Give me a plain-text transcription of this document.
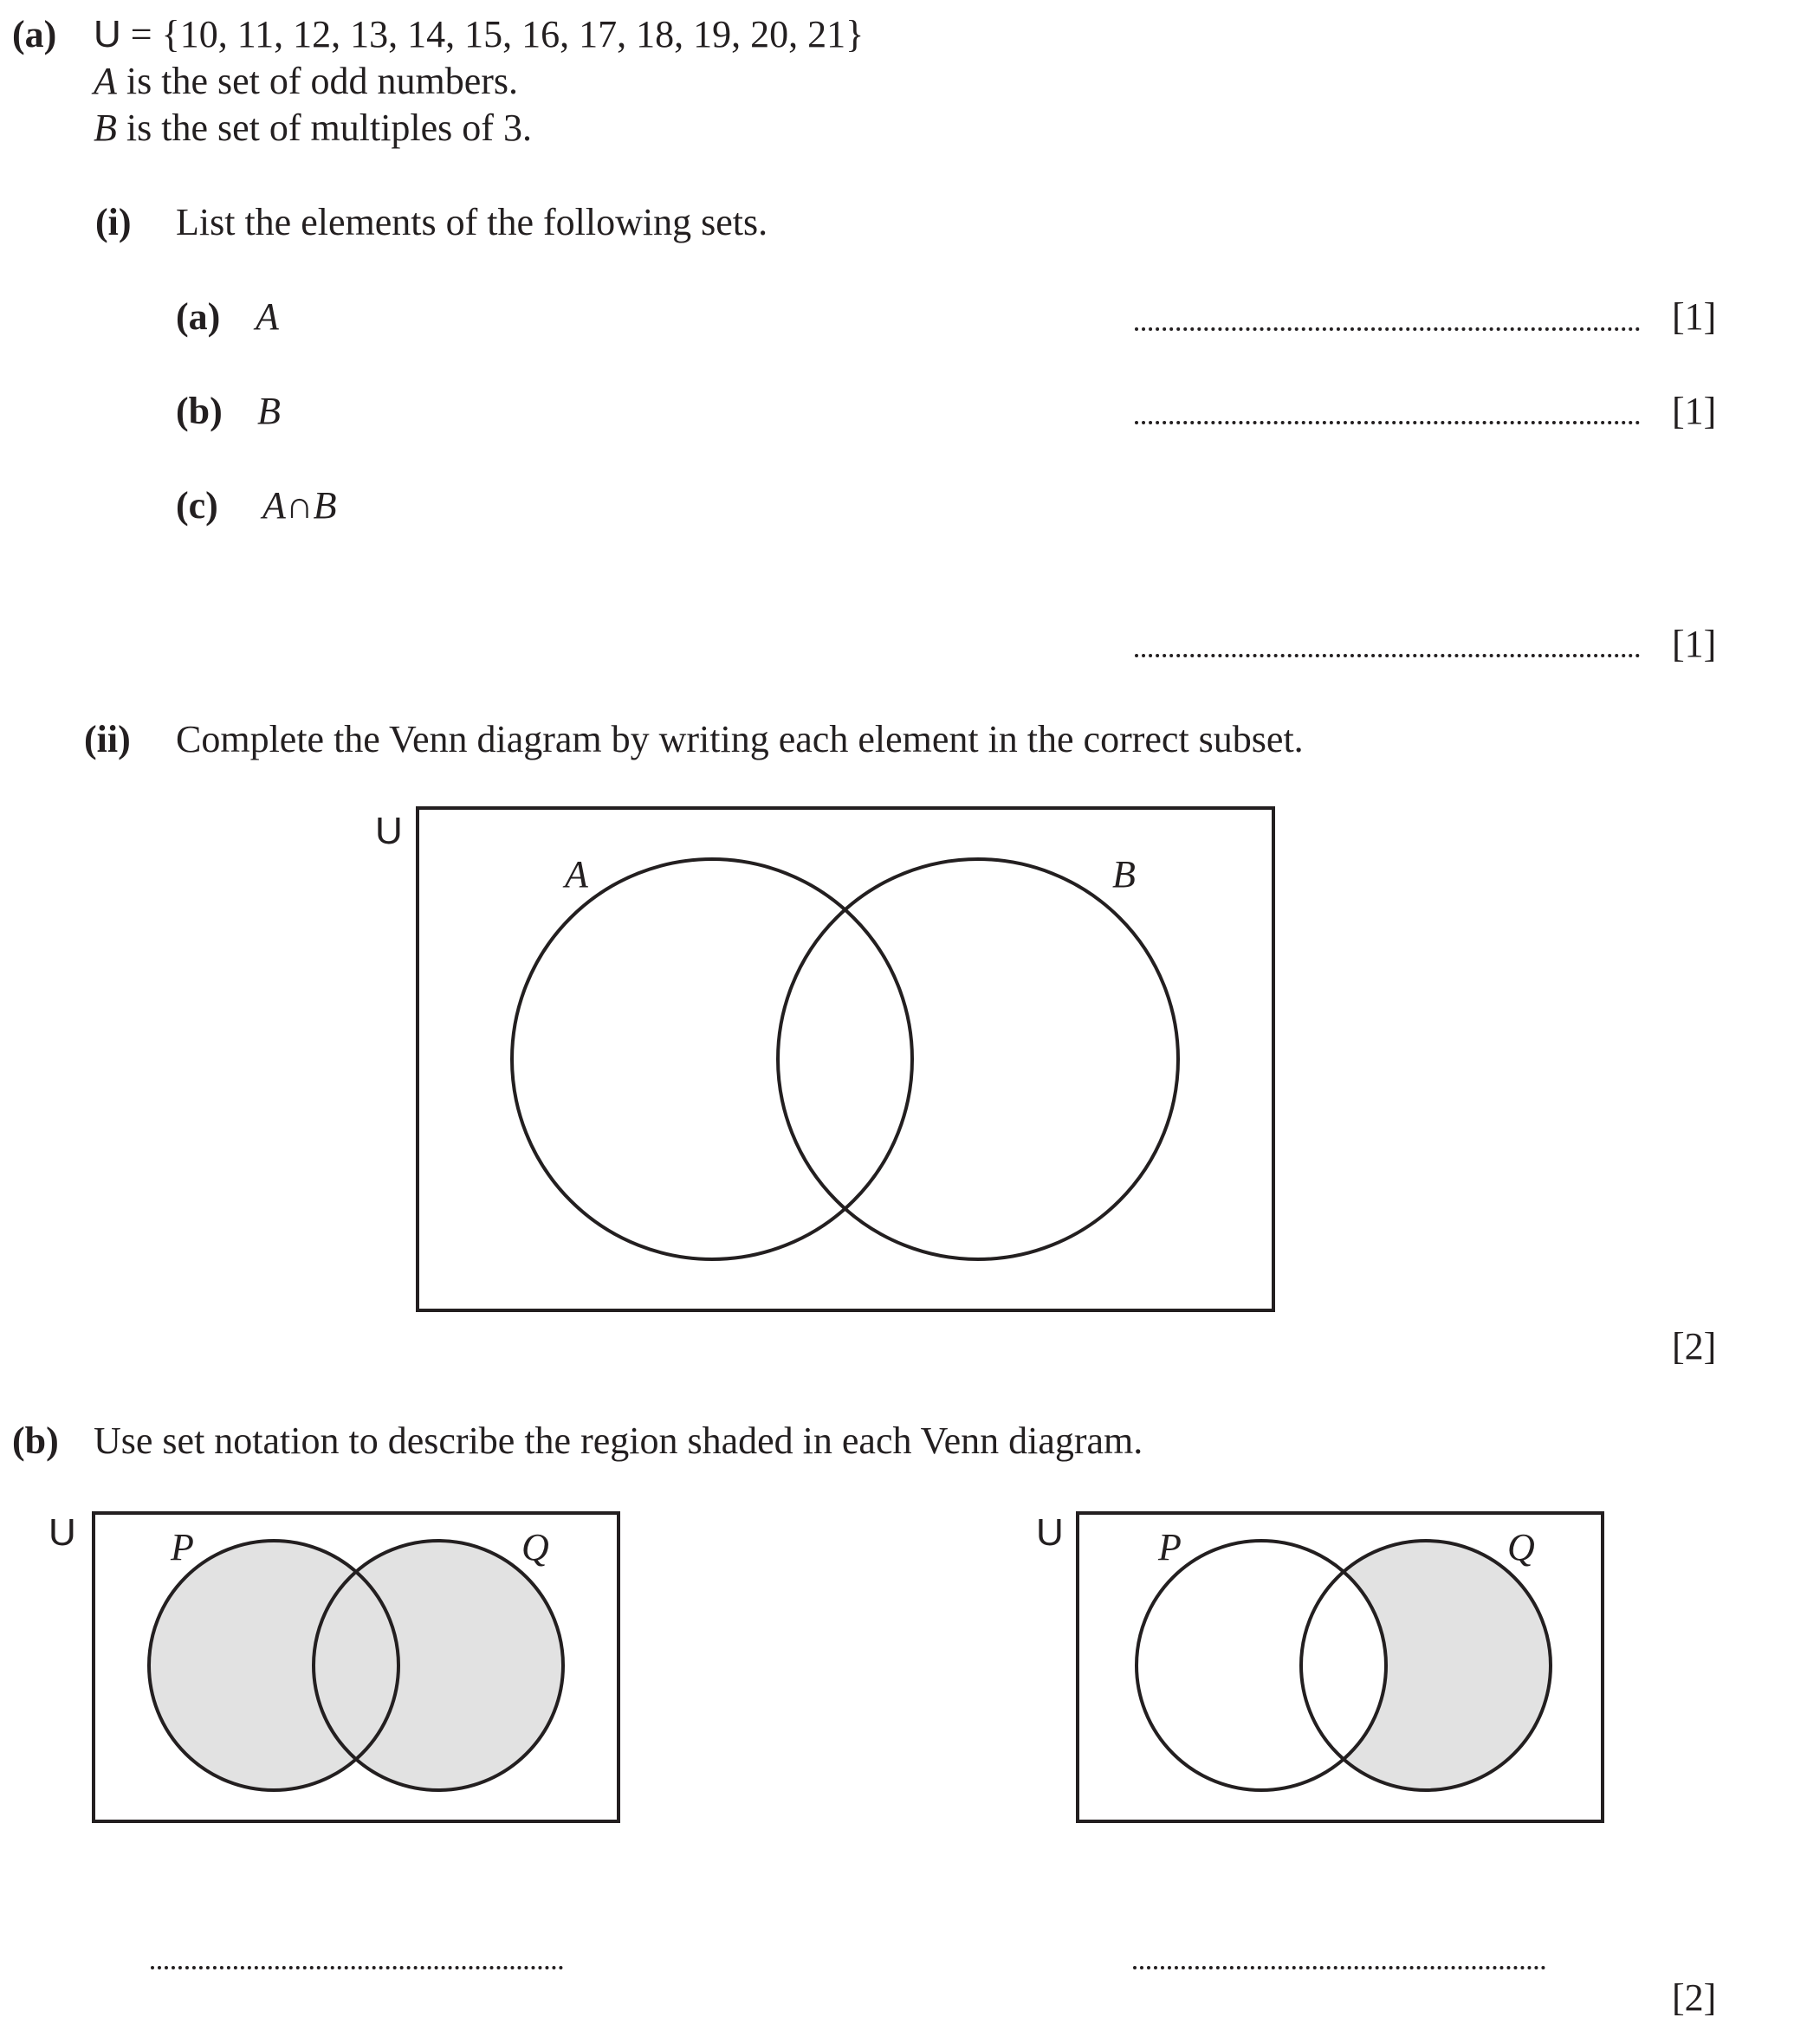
(a) U = {10, 11, 12, 13, 14, 15, 16, 17, 18, 19, 20, 21}
A is the set of odd numbers.
B is the set of multiples of 3.
(i) List the elements of the following sets.
(a) A	[1]
(b) B	[1]
(c) A∩B
[1]
(ii) Complete the Venn diagram by writing each element in the correct subset.
U
A	B
[2]
(b) Use set notation to describe the region shaded in each Venn diagram.
U P	Q	U P	Q
[2]
